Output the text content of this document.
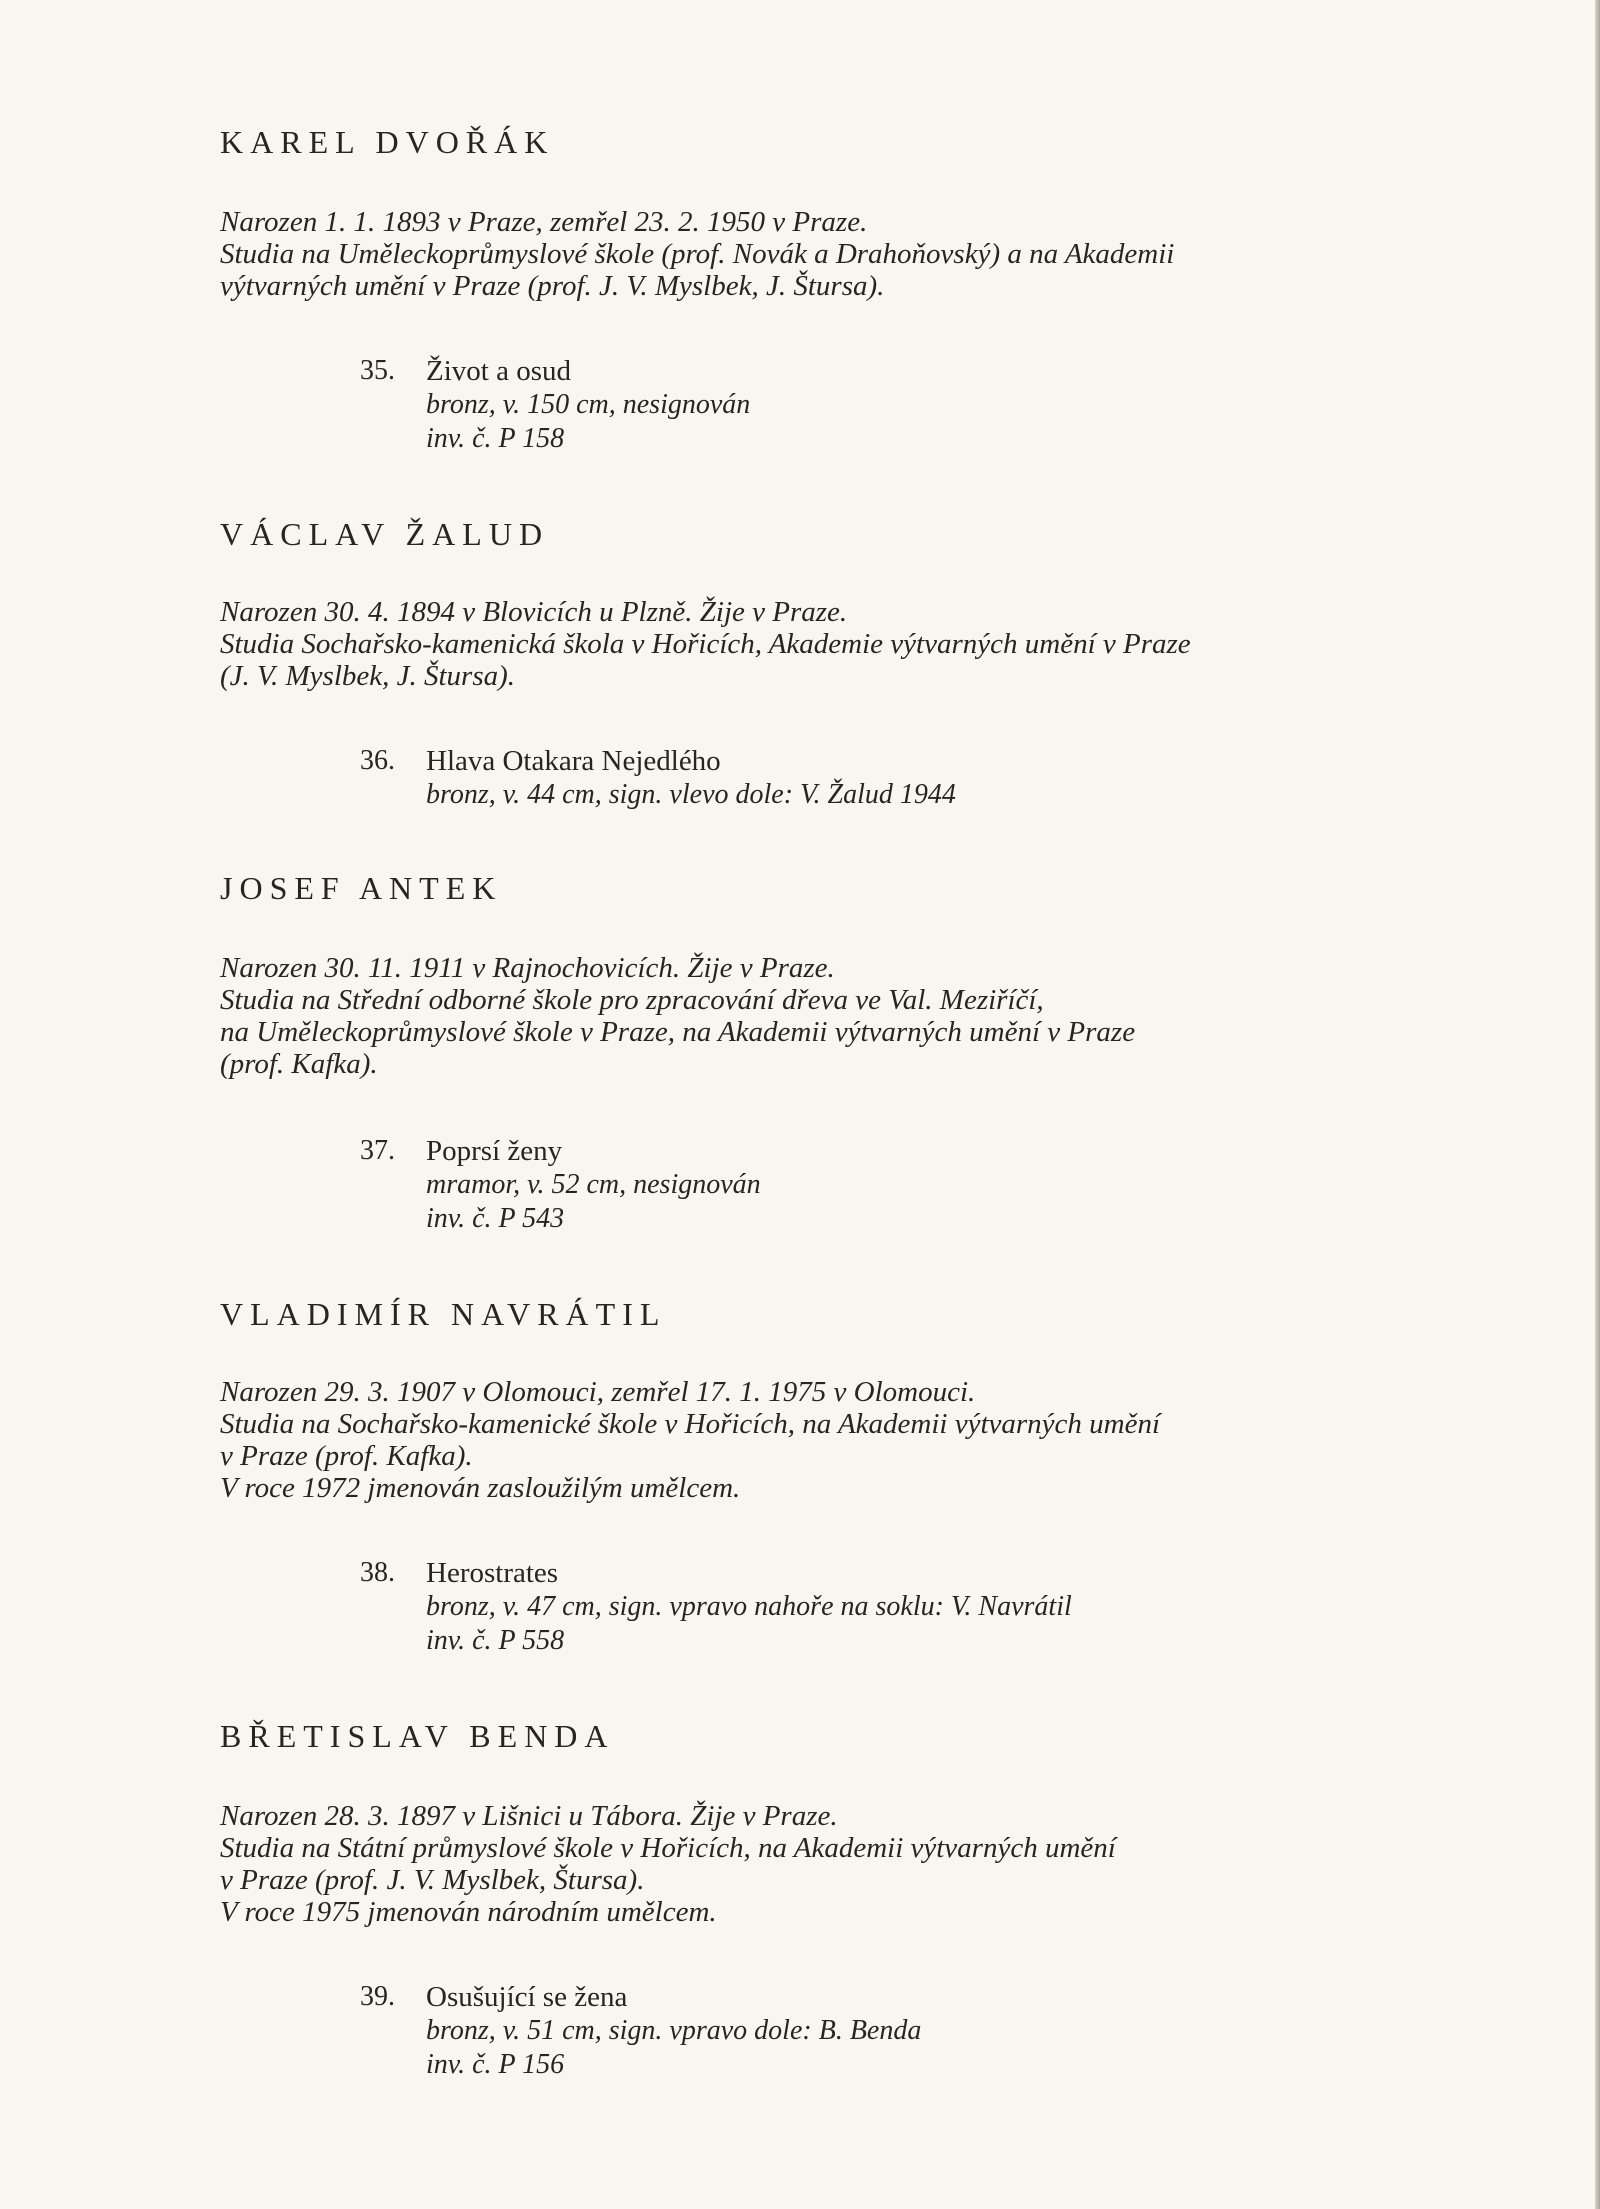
KAREL DVOŘÁK
Narozen 1. 1. 1893 v Praze, zemřel 23. 2. 1950 v Praze.
Studia na Uměleckoprůmyslové škole (prof. Novák a Drahoňovský) a na Akademii
výtvarných umění v Praze (prof. J. V. Myslbek, J. Štursa).
35. Život a osud
bronz, v. 150 cm, nesignován
inv. č. P 158
VÁCLAV ŽALUD
Narozen 30. 4. 1894 v Blovicích u Plzně. Žije v Praze.
Studia Sochařsko-kamenická škola v Hořicích, Akademie výtvarných umění v Praze
(J. V. Myslbek, J. Štursa).
36. Hlava Otakara Nejedlého
bronz, v. 44 cm, sign. vlevo dole: V. Žalud 1944
JOSEF ANTEK
Narozen 30. 11. 1911 v Rajnochovicích. Žije v Praze.
Studia na Střední odborné škole pro zpracování dřeva ve Val. Meziříčí,
na Uměleckoprůmyslové škole v Praze, na Akademii výtvarných umění v Praze
(prof. Kafka).
37. Poprsí ženy
mramor, v. 52 cm, nesignován
inv. č. P 543
VLADIMÍR NAVRÁTIL
Narozen 29. 3. 1907 v Olomouci, zemřel 17. 1. 1975 v Olomouci.
Studia na Sochařsko-kamenické škole v Hořicích, na Akademii výtvarných umění
v Praze (prof. Kafka).
V roce 1972 jmenován zasloužilým umělcem.
38. Herostrates
bronz, v. 47 cm, sign. vpravo nahoře na soklu: V. Navrátil
inv. č. P 558
BŘETISLAV BENDA
Narozen 28. 3. 1897 v Lišnici u Tábora. Žije v Praze.
Studia na Státní průmyslové škole v Hořicích, na Akademii výtvarných umění
v Praze (prof. J. V. Myslbek, Štursa).
V roce 1975 jmenován národním umělcem.
39. Osušující se žena
bronz, v. 51 cm, sign. vpravo dole: B. Benda
inv. č. P 156
